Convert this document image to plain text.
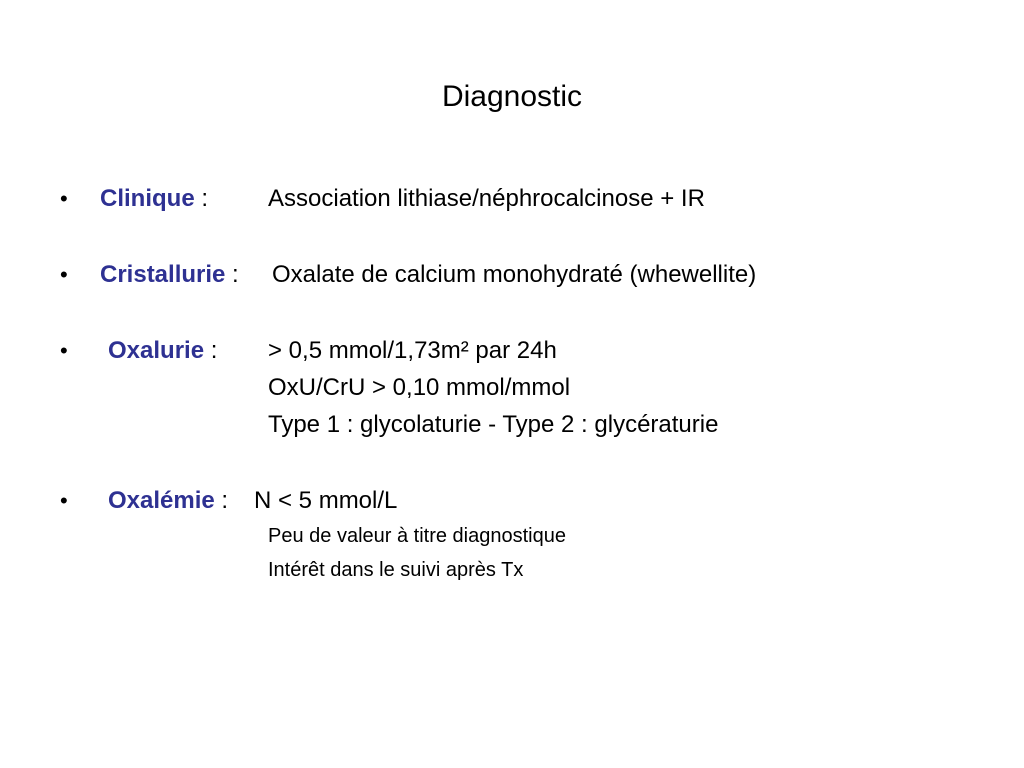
Diagnostic
• Clinique : Association lithiase/néphrocalcinose + IR
• Cristallurie : Oxalate de calcium monohydraté (whewellite)
• Oxalurie : > 0,5 mmol/1,73m² par 24h
OxU/CrU > 0,10 mmol/mmol
Type 1 : glycolaturie - Type 2 : glycératurie
• Oxalémie : N < 5 mmol/L
Peu de valeur à titre diagnostique
Intérêt dans le suivi après Tx
